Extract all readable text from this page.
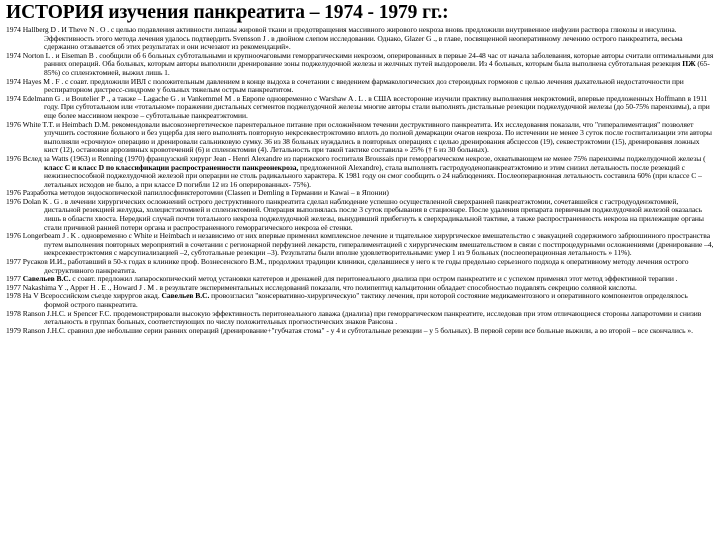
ИСТОРИЯ изучения панкреатита – 1974 - 1979 гг.:
1974 Hallberg D . И Theve N . O . с целью подавления активности липазы жировой ткани и предотвращения массивного жирового некроза вновь предложили внутривенное инфузии раствора глюкозы и инсулина. Эффективность этого метода лечения удалось подтвердить Svensson J . в двойном слепом исследовании. Однако, Glazer G ., в главе, посвященной неоперативному лечению острого панкреатита, весьма сдержанно отзывается об этих результатах и они исчезают из рекомендаций».
1974 Norton L . и Eiseman B . сообщили об 6 больных субтотальными и крупноочаговыми геморрагическими некрозом, оперированных в первые 24-48 час от начала заболевания, которые авторы считали оптимальными для ранних операций. Оба больных, которым авторы выполнили дренирование зоны поджелудочной железы и желчных путей выздоровели. Из 4 больных, которым была выполнена субтотальная резекция ПЖ (65-85%) со спленэктомией, выжил лишь 1.
1974 Hayes M . F . с соавт. предложили ИВЛ с положительным давлением в конце выдоха в сочетании с введением фармакологических доз стероидных гормонов с целью лечения дыхательной недостаточности при респираторном дистресс-синдроме у больных тяжелым острым панкреатитом.
1974 Edelmann G . и Boutelier P ., а также – Lagache G . и Vankemmel M . в Европе одновременно с Warshaw A . L . в США всесторонне изучили практику выполнения некрэктомий, впервые предложенных Hoffmann в 1911 году. При субтотальном или «тотальном» поражении дистальных сегментов поджелудочной железы многие авторы стали выполнять дистальные резекции поджелудочной железы (до 50-75% паренхимы), а при еще более массивном некрозе – субтотальные панкреатэктомии.
1976 White T.T. и Heimbach D.M. рекомендовали высокоэнергетическое парентеральное питание при осложнённом течении деструктивного панкреатита. Их исследования показали, что "гипералиментация" позволяет улучшить состояние больного и без ущерба для него выполнять повторную некрсеквестрэктомию вплоть до полной демаркации очагов некроза. По истечении не менее 3 суток после госпитализации эти авторы выполняли «срочную» операцию и дренировали сальниковую сумку. 36 из 38 больных нуждались в повторных операциях с целью дренирования абсцессов (19), секвестрэктомии (15), дренирования ложных кист (12), остановки аррозивных кровотечений (6) и спленэктомии (4). Летальность при такой тактике составила » 25% († 6 из 30 больных).
1976 Вслед за Watts (1963) и Renning (1970) французский хирург Jean - Henri Alexandre из парижского госпиталя Broussais при геморрагическом некрозе, охватывающем не менее 75% паренхимы поджелудочной железы ( класс C и класс D по классификации распространенности панкреонекроза, предложенной Alexandre), стала выполнять гастродуоденопанкреатэктомию и этим снизил летальность после резекций с нежизнеспособной поджелудочной железой при операции не столь радикального характера. К 1981 году он смог сообщить о 24 наблюдениях. Послеоперационная летальность составила 60% (при классе C – летальных исходов не было, а при классе D погибли 12 из 16 оперированных- 75%).
1976 Разработка методов эндоскопической папиллосфинктеротомии (Classen и Demling в Германии и Kawai – в Японии)
1976 Dolan K . G . в лечении хирургических осложнений острого деструктивного панкреатита сделал наблюдение успешно осуществленной сверхранней панкреатэктомии, сочетавшейся с гастродуоденэктомией, дистальной резекцией желудка, холецистэктомией и спленэктомией. Операция выполнялась после 3 суток пребывания в стационаре. После удаления препарата первичным поджелудочной железой оказалась лишь в области хвоста. Нередкий случай почти тотального некроза поджелудочной железы, вынудивший прибегнуть к сверхрадикальной тактике, а также распространенность некроза на прилежащие органы стали причиной ранней потери органа и распространенного геморрагического некроза её стенки.
1976 Longerbeam J . K . одновременно с White и Heimbach и независимо от них впервые применил комплексное лечение и тщательное хирургическое вмешательство с эвакуацией содержимого забрюшинного пространства путем выполнения повторных мероприятий в сочетании с регионарной перфузией лекарств, гипералиментацией с хирургическим вмешательством в связи с постпроцедурными осложнениями (дренирование –4, некрсеквестрэктомия с марсупиализацией –2, субтотальные резекции –3). Результаты были вполне удовлетворительными: умер 1 из 9 больных (послеоперационная летальность » 11%).
1977 Русаков И.И., работавший в 50-х годах в клинике проф. Вознесенского В.М., продолжил традиции клиники, сделавшиеся у него к те годы предельно серьезного подхода к оперативному методу лечения острого деструктивного панкреатита.
1977 Савельев В.С. с соавт. предложил лапароскопический метод установки катетеров и дренажей для перитонеального диализа при остром панкреатите и с успехом применял этот метод эффективной терапии .
1977 Nakashima Y ., Apper H . E ., Howard J . M . в результате экспериментальных исследований показали, что полипептид кальцитонин обладает способностью подавлять секрецию соляной кислоты.
1978 На V Всероссийском съезде хирургов акад. Савельев В.С. провозгласил "консервативно-хирургическую" тактику лечения, при которой состояние медикаментозного и оперативного компонентов определялось формой острого панкреатита.
1978 Ranson J.H.C. и Spencer F.C. продемонстрировали высокую эффективность перитонеального лаважа (диализа) при геморрагическом панкреатите, исследовав при этом отличающиеся стороны лапаротомии и снизив летальность в группах больных, соответствующих по числу положительных прогностических знаков Рансона .
1979 Ranson J.H.C. сравнил две небольшие серии ранних операций (дренирование+"губчатая стома" - у 4 и субтотальные резекции – у 5 больных). В первой серии все больные выжили, а во второй – все скончались ».
